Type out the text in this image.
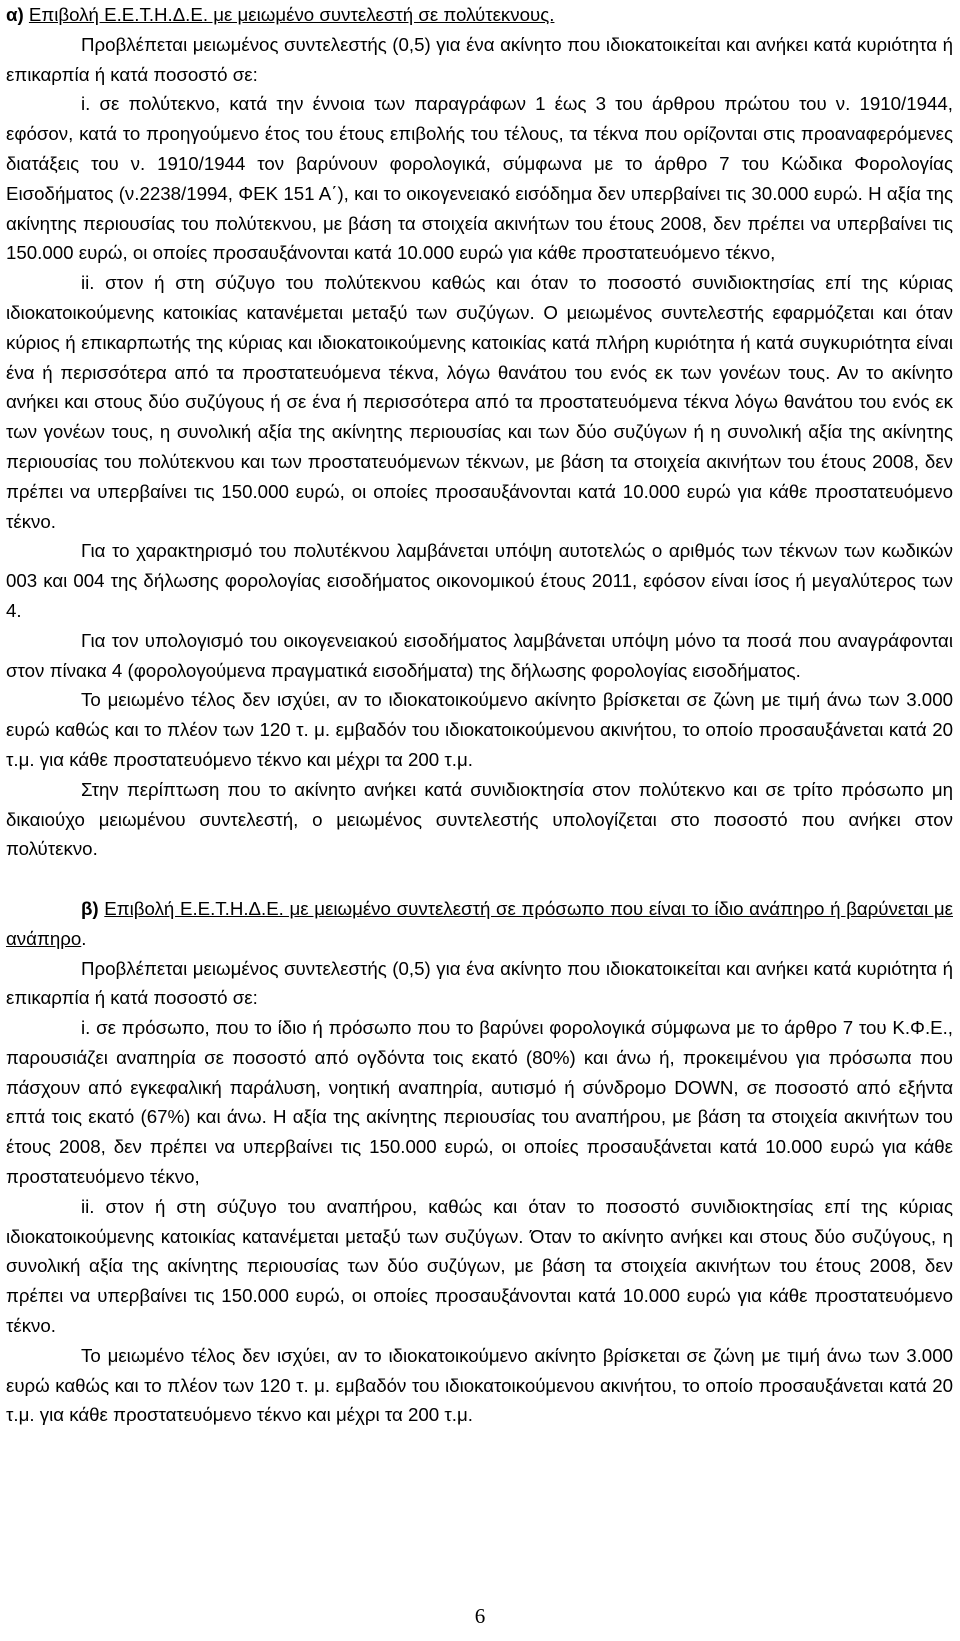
α) Επιβολή Ε.Ε.Τ.Η.Δ.Ε. με μειωμένο συντελεστή σε πολύτεκνους.

Προβλέπεται μειωμένος συντελεστής (0,5) για ένα ακίνητο που ιδιοκατοικείται και ανήκει κατά κυριότητα ή επικαρπία ή κατά ποσοστό σε:

i. σε πολύτεκνο, κατά την έννοια των παραγράφων 1 έως 3 του άρθρου πρώτου του ν. 1910/1944, εφόσον, κατά το προηγούμενο έτος του έτους επιβολής του τέλους, τα τέκνα που ορίζονται στις προαναφερόμενες διατάξεις του ν. 1910/1944 τον βαρύνουν φορολογικά, σύμφωνα με το άρθρο 7 του Κώδικα Φορολογίας Εισοδήματος (ν.2238/1994, ΦΕΚ 151 Α΄), και το οικογενειακό εισόδημα δεν υπερβαίνει τις 30.000 ευρώ. Η αξία της ακίνητης περιουσίας του πολύτεκνου, με βάση τα στοιχεία ακινήτων του έτους 2008, δεν πρέπει να υπερβαίνει τις 150.000 ευρώ, οι οποίες προσαυξάνονται κατά 10.000 ευρώ για κάθε προστατευόμενο τέκνο,

ii. στον ή στη σύζυγο του πολύτεκνου καθώς και όταν το ποσοστό συνιδιοκτησίας επί της κύριας ιδιοκατοικούμενης κατοικίας κατανέμεται μεταξύ των συζύγων. Ο μειωμένος συντελεστής εφαρμόζεται και όταν κύριος ή επικαρπωτής της κύριας και ιδιοκατοικούμενης κατοικίας κατά πλήρη κυριότητα ή κατά συγκυριότητα είναι ένα ή περισσότερα από τα προστατευόμενα τέκνα, λόγω θανάτου του ενός εκ των γονέων τους. Αν το ακίνητο ανήκει και στους δύο συζύγους ή σε ένα ή περισσότερα από τα προστατευόμενα τέκνα λόγω θανάτου του ενός εκ των γονέων τους, η συνολική αξία της ακίνητης περιουσίας και των δύο συζύγων ή η συνολική αξία της ακίνητης περιουσίας του πολύτεκνου και των προστατευόμενων τέκνων, με βάση τα στοιχεία ακινήτων του έτους 2008, δεν πρέπει να υπερβαίνει τις 150.000 ευρώ, οι οποίες προσαυξάνονται κατά 10.000 ευρώ για κάθε προστατευόμενο τέκνο.

Για το χαρακτηρισμό του πολυτέκνου λαμβάνεται υπόψη αυτοτελώς ο αριθμός των τέκνων των κωδικών 003 και 004 της δήλωσης φορολογίας εισοδήματος οικονομικού έτους 2011, εφόσον είναι ίσος ή μεγαλύτερος των 4.

Για τον υπολογισμό του οικογενειακού εισοδήματος λαμβάνεται υπόψη μόνο τα ποσά που αναγράφονται στον πίνακα 4 (φορολογούμενα πραγματικά εισοδήματα) της δήλωσης φορολογίας εισοδήματος.

Το μειωμένο τέλος δεν ισχύει, αν το ιδιοκατοικούμενο ακίνητο βρίσκεται σε ζώνη με τιμή άνω των 3.000 ευρώ καθώς και το πλέον των 120 τ. μ. εμβαδόν του ιδιοκατοικούμενου ακινήτου, το οποίο προσαυξάνεται κατά 20 τ.μ. για κάθε προστατευόμενο τέκνο και μέχρι τα 200 τ.μ.

Στην περίπτωση που το ακίνητο ανήκει κατά συνιδιοκτησία στον πολύτεκνο και σε τρίτο πρόσωπο μη δικαιούχο μειωμένου συντελεστή, ο μειωμένος συντελεστής υπολογίζεται στο ποσοστό που ανήκει στον πολύτεκνο.

β) Επιβολή Ε.Ε.Τ.Η.Δ.Ε. με μειωμένο συντελεστή σε πρόσωπο που είναι το ίδιο ανάπηρο ή βαρύνεται με ανάπηρο.

Προβλέπεται μειωμένος συντελεστής (0,5) για ένα ακίνητο που ιδιοκατοικείται και ανήκει κατά κυριότητα ή επικαρπία ή κατά ποσοστό σε:

i. σε πρόσωπο, που το ίδιο ή πρόσωπο που το βαρύνει φορολογικά σύμφωνα με το άρθρο 7 του Κ.Φ.Ε., παρουσιάζει αναπηρία σε ποσοστό από ογδόντα τοις εκατό (80%) και άνω ή, προκειμένου για πρόσωπα που πάσχουν από εγκεφαλική παράλυση, νοητική αναπηρία, αυτισμό ή σύνδρομο DOWN, σε ποσοστό από εξήντα επτά τοις εκατό (67%) και άνω. Η αξία της ακίνητης περιουσίας του αναπήρου, με βάση τα στοιχεία ακινήτων του έτους 2008, δεν πρέπει να υπερβαίνει τις 150.000 ευρώ, οι οποίες προσαυξάνεται κατά 10.000 ευρώ για κάθε προστατευόμενο τέκνο,

ii. στον ή στη σύζυγο του αναπήρου, καθώς και όταν το ποσοστό συνιδιοκτησίας επί της κύριας ιδιοκατοικούμενης κατοικίας κατανέμεται μεταξύ των συζύγων. Όταν το ακίνητο ανήκει και στους δύο συζύγους, η συνολική αξία της ακίνητης περιουσίας των δύο συζύγων, με βάση τα στοιχεία ακινήτων του έτους 2008, δεν πρέπει να υπερβαίνει τις 150.000 ευρώ, οι οποίες προσαυξάνονται κατά 10.000 ευρώ για κάθε προστατευόμενο τέκνο.

Το μειωμένο τέλος δεν ισχύει, αν το ιδιοκατοικούμενο ακίνητο βρίσκεται σε ζώνη με τιμή άνω των 3.000 ευρώ καθώς και το πλέον των 120 τ. μ. εμβαδόν του ιδιοκατοικούμενου ακινήτου, το οποίο προσαυξάνεται κατά 20 τ.μ. για κάθε προστατευόμενο τέκνο και μέχρι τα 200 τ.μ.

6
